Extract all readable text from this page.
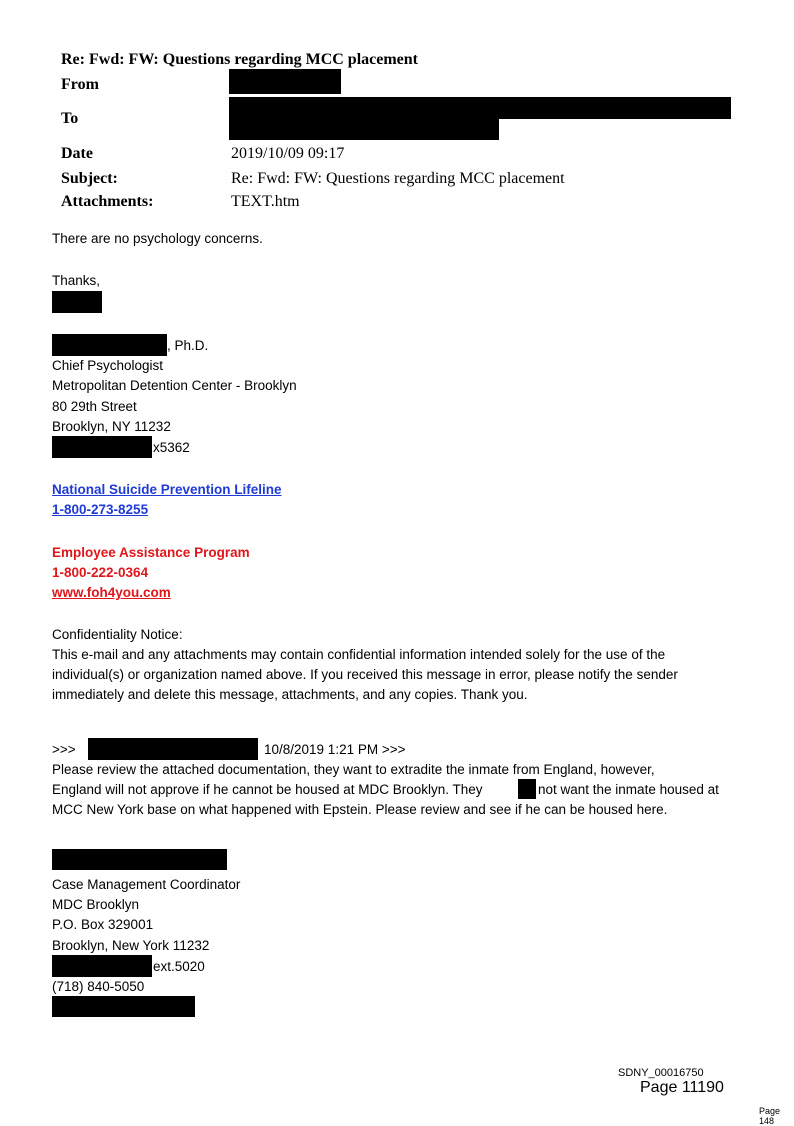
Re: Fwd: FW: Questions regarding MCC placement
From
To
Date	2019/10/09 09:17
Subject:	Re: Fwd: FW: Questions regarding MCC placement
Attachments:	TEXT.htm
There are no psychology concerns.
Thanks,
, Ph.D.
Chief Psychologist
Metropolitan Detention Center - Brooklyn
80 29th Street
Brooklyn, NY 11232
x5362
National Suicide Prevention Lifeline
1-800-273-8255
Employee Assistance Program
1-800-222-0364
www.foh4you.com
Confidentiality Notice:
This e-mail and any attachments may contain confidential information intended solely for the use of the
individual(s) or organization named above. If you received this message in error, please notify the sender
immediately and delete this message, attachments, and any copies. Thank you.
>>>	10/8/2019 1:21 PM >>>
Please review the attached documentation, they want to extradite the inmate from England, however,
England will not approve if he cannot be housed at MDC Brooklyn. They	not want the inmate housed at
MCC New York base on what happened with Epstein. Please review and see if he can be housed here.
Case Management Coordinator
MDC Brooklyn
P.O. Box 329001
Brooklyn, New York 11232
ext.5020
(718) 840-5050
SDNY_00016750
Page 11190
Page 148
